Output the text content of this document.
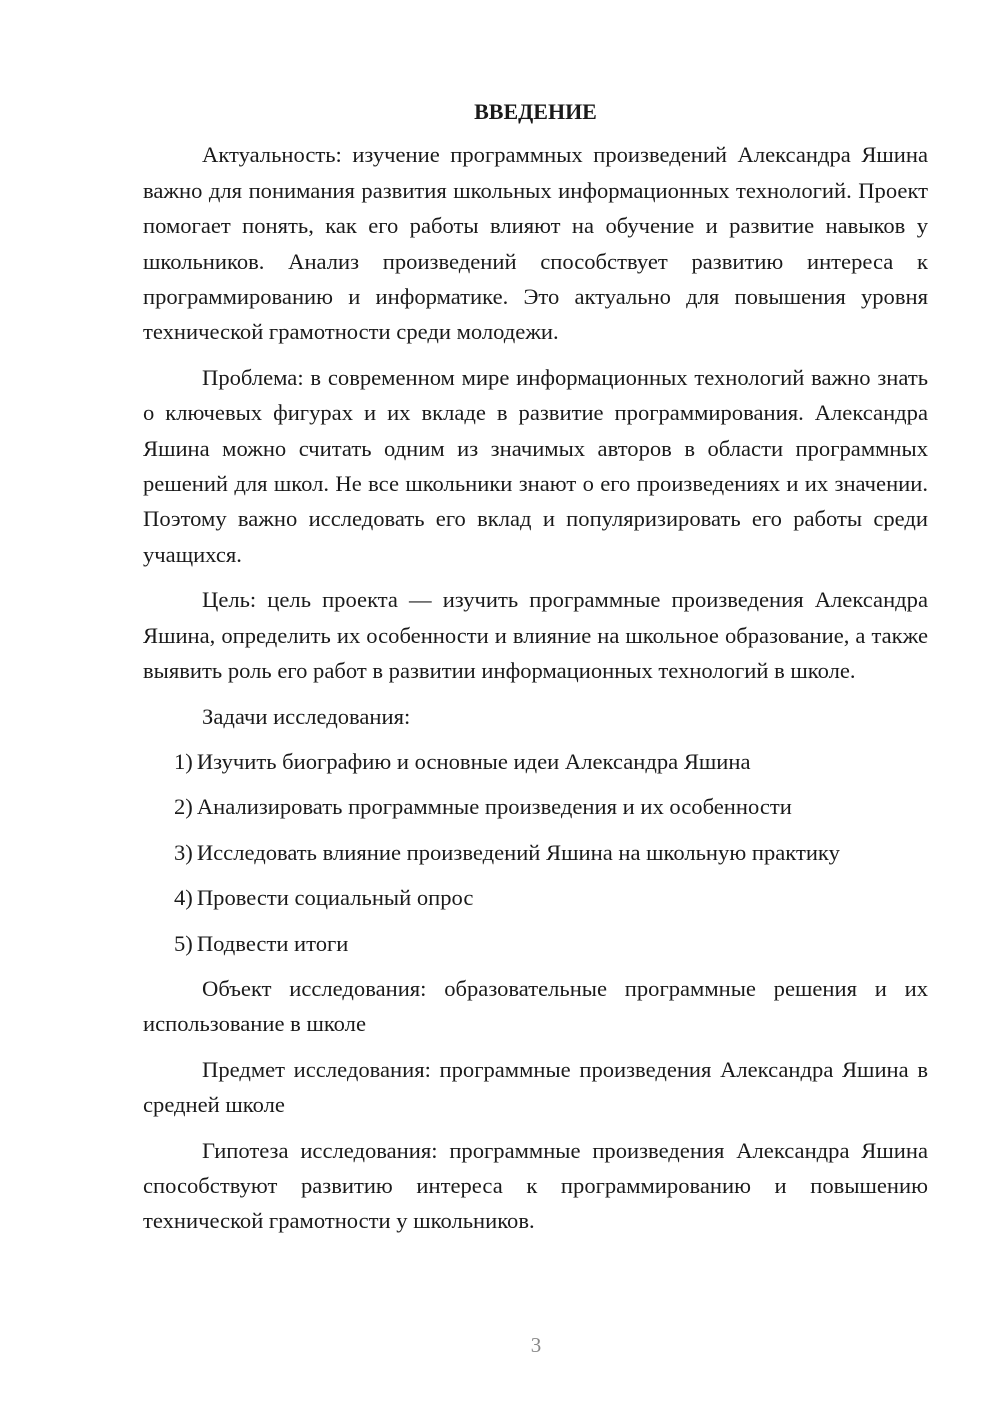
ВВЕДЕНИЕ

Актуальность: изучение программных произведений Александра Яшина важно для понимания развития школьных информационных технологий. Проект помогает понять, как его работы влияют на обучение и развитие навыков у школьников. Анализ произведений способствует развитию интереса к программированию и информатике. Это актуально для повышения уровня технической грамотности среди молодежи.

Проблема: в современном мире информационных технологий важно знать о ключевых фигурах и их вкладе в развитие программирования. Александра Яшина можно считать одним из значимых авторов в области программных решений для школ. Не все школьники знают о его произведениях и их значении. Поэтому важно исследовать его вклад и популяризировать его работы среди учащихся.

Цель: цель проекта — изучить программные произведения Александра Яшина, определить их особенности и влияние на школьное образование, а также выявить роль его работ в развитии информационных технологий в школе.

Задачи исследования:

1) Изучить биографию и основные идеи Александра Яшина

2) Анализировать программные произведения и их особенности

3) Исследовать влияние произведений Яшина на школьную практику

4) Провести социальный опрос

5) Подвести итоги

Объект исследования: образовательные программные решения и их использование в школе

Предмет исследования: программные произведения Александра Яшина в средней школе

Гипотеза исследования: программные произведения Александра Яшина способствуют развитию интереса к программированию и повышению технической грамотности у школьников.

3
